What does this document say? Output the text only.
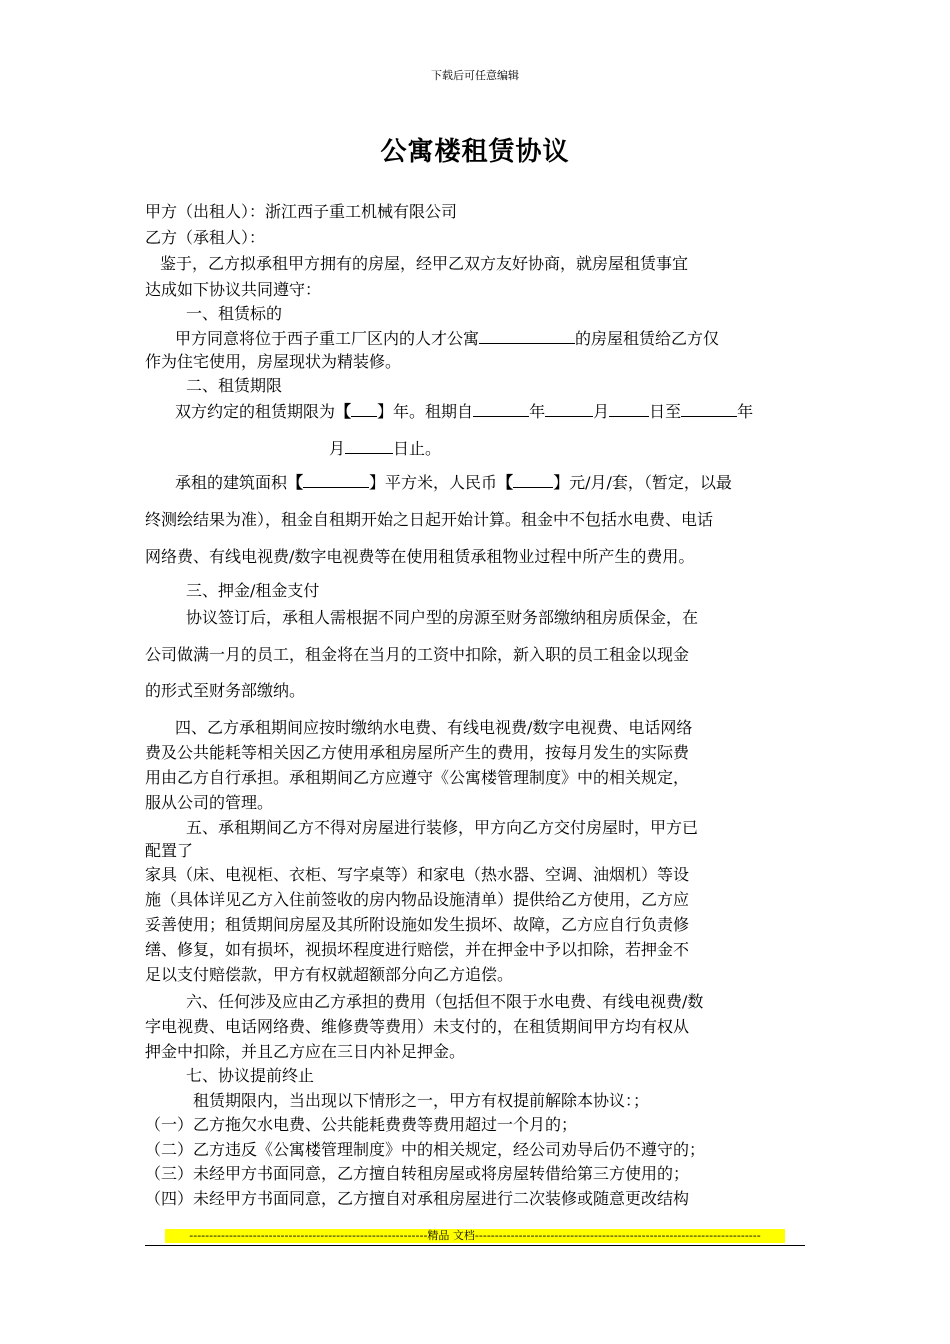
下载后可任意编辑
公寓楼租赁协议
甲方（出租人）：浙江西子重工机械有限公司
乙方（承租人）：
鉴于，乙方拟承租甲方拥有的房屋，经甲乙双方友好协商，就房屋租赁事宜
达成如下协议共同遵守：
一、租赁标的
甲方同意将位于西子重工厂区内的人才公寓	的房屋租赁给乙方仅
作为住宅使用，房屋现状为精装修。
二、租赁期限
双方约定的租赁期限为【 】年。租期自	年	月	日至	年
月	日止。
承租的建筑面积【	】平方米，人民币【	】元/月/套，（暂定，以最
终测绘结果为准），租金自租期开始之日起开始计算。租金中不包括水电费、电话
网络费、有线电视费/数字电视费等在使用租赁承租物业过程中所产生的费用。
三、押金/租金支付
协议签订后，承租人需根据不同户型的房源至财务部缴纳租房质保金，在
公司做满一月的员工，租金将在当月的工资中扣除，新入职的员工租金以现金
的形式至财务部缴纳。
四、乙方承租期间应按时缴纳水电费、有线电视费/数字电视费、电话网络
费及公共能耗等相关因乙方使用承租房屋所产生的费用，按每月发生的实际费
用由乙方自行承担。承租期间乙方应遵守《公寓楼管理制度》中的相关规定，
服从公司的管理。
五、承租期间乙方不得对房屋进行装修，甲方向乙方交付房屋时，甲方已
配置了
家具（床、电视柜、衣柜、写字桌等）和家电（热水器、空调、油烟机）等设
施（具体详见乙方入住前签收的房内物品设施清单）提供给乙方使用，乙方应
妥善使用；租赁期间房屋及其所附设施如发生损坏、故障，乙方应自行负责修
缮、修复，如有损坏，视损坏程度进行赔偿，并在押金中予以扣除，若押金不
足以支付赔偿款，甲方有权就超额部分向乙方追偿。
六、任何涉及应由乙方承担的费用（包括但不限于水电费、有线电视费/数
字电视费、电话网络费、维修费等费用）未支付的，在租赁期间甲方均有权从
押金中扣除，并且乙方应在三日内补足押金。
七、协议提前终止
租赁期限内，当出现以下情形之一，甲方有权提前解除本协议：；
（一）乙方拖欠水电费、公共能耗费费等费用超过一个月的；
（二）乙方违反《公寓楼管理制度》中的相关规定，经公司劝导后仍不遵守的；
（三）未经甲方书面同意，乙方擅自转租房屋或将房屋转借给第三方使用的；
（四）未经甲方书面同意，乙方擅自对承租房屋进行二次装修或随意更改结构
------------------------------------------------------------精品 文档------------------------------------------------------------------------
